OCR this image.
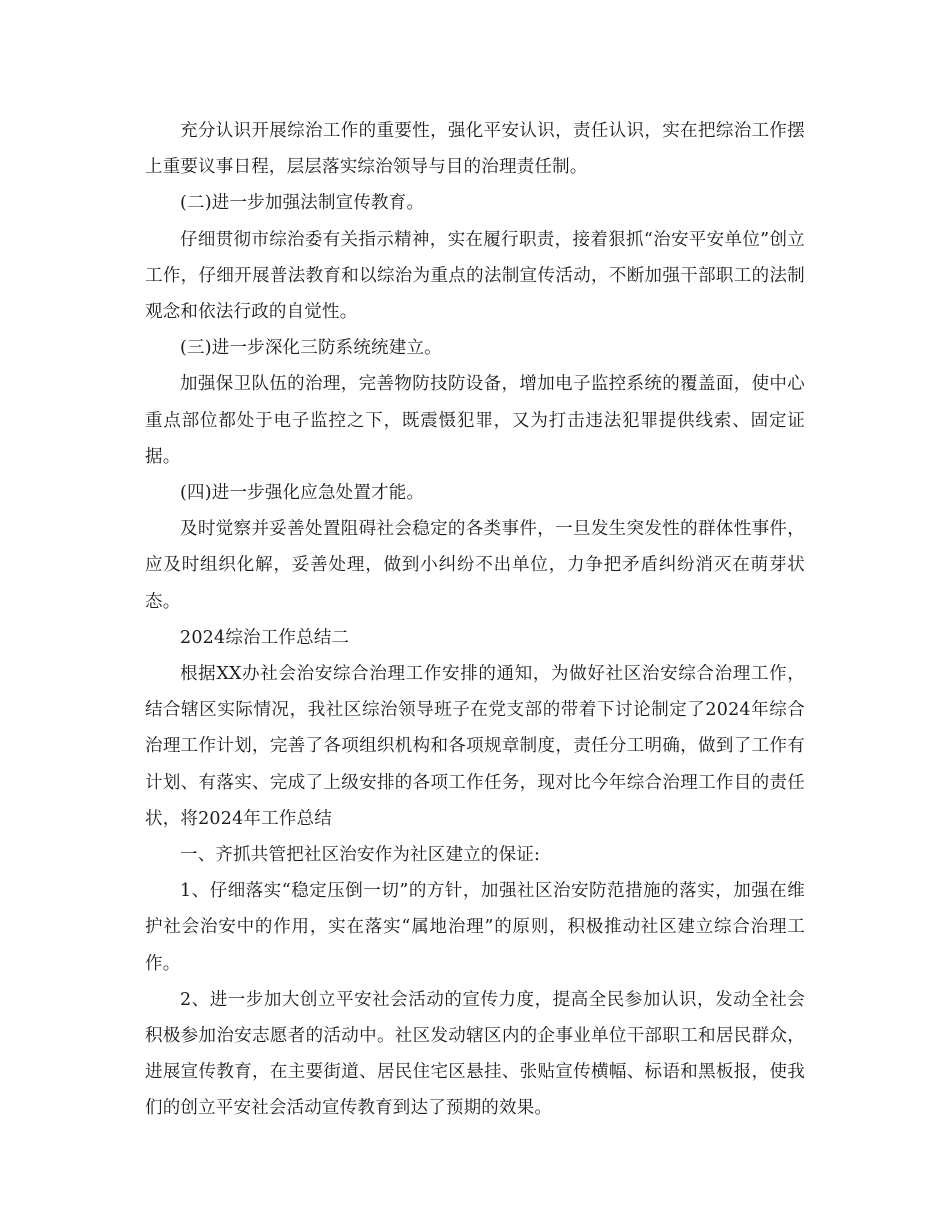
充分认识开展综治工作的重要性，强化平安认识，责任认识，实在把综治工作摆上重要议事日程，层层落实综治领导与目的治理责任制。

(二)进一步加强法制宣传教育。

仔细贯彻市综治委有关指示精神，实在履行职责，接着狠抓“治安平安单位”创立工作，仔细开展普法教育和以综治为重点的法制宣传活动，不断加强干部职工的法制观念和依法行政的自觉性。

(三)进一步深化三防系统统建立。

加强保卫队伍的治理，完善物防技防设备，增加电子监控系统的覆盖面，使中心重点部位都处于电子监控之下，既震慑犯罪，又为打击违法犯罪提供线索、固定证据。

(四)进一步强化应急处置才能。

及时觉察并妥善处置阻碍社会稳定的各类事件，一旦发生突发性的群体性事件，应及时组织化解，妥善处理，做到小纠纷不出单位，力争把矛盾纠纷消灭在萌芽状态。

2024综治工作总结二

根据XX办社会治安综合治理工作安排的通知，为做好社区治安综合治理工作，结合辖区实际情况，我社区综治领导班子在党支部的带着下讨论制定了2024年综合治理工作计划，完善了各项组织机构和各项规章制度，责任分工明确，做到了工作有计划、有落实、完成了上级安排的各项工作任务，现对比今年综合治理工作目的责任状，将2024年工作总结

一、齐抓共管把社区治安作为社区建立的保证:

1、仔细落实“稳定压倒一切”的方针，加强社区治安防范措施的落实，加强在维护社会治安中的作用，实在落实“属地治理”的原则，积极推动社区建立综合治理工作。

2、进一步加大创立平安社会活动的宣传力度，提高全民参加认识，发动全社会积极参加治安志愿者的活动中。社区发动辖区内的企事业单位干部职工和居民群众，进展宣传教育，在主要街道、居民住宅区悬挂、张贴宣传横幅、标语和黑板报，使我们的创立平安社会活动宣传教育到达了预期的效果。
